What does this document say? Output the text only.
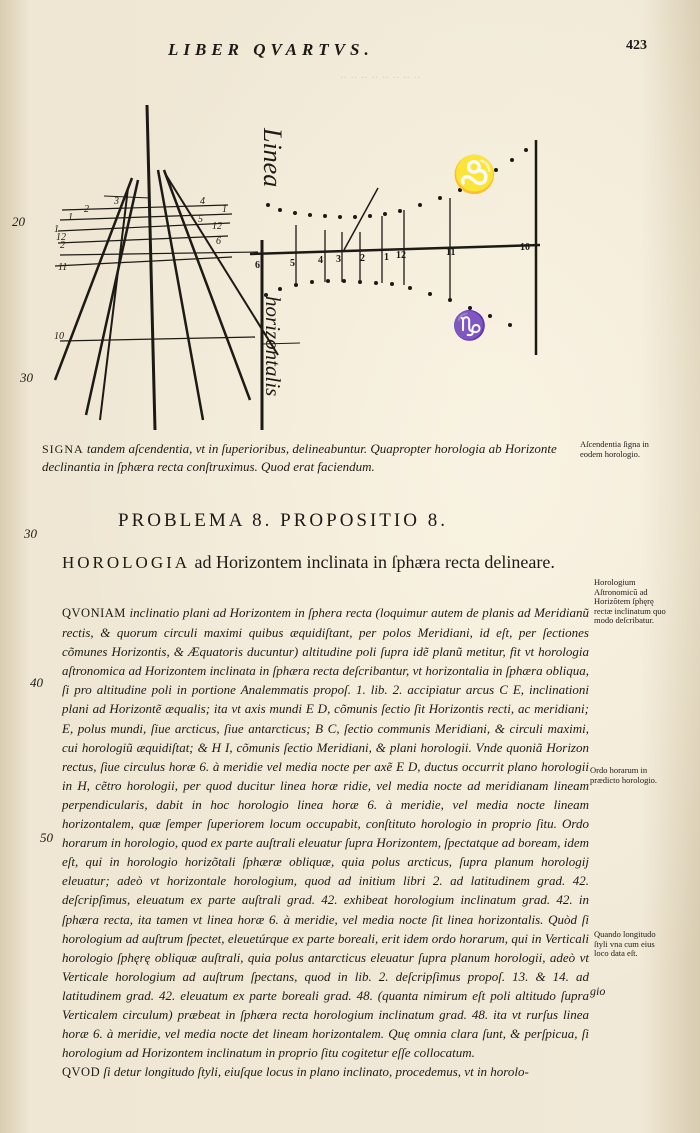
LIBER QVARTVS.	423
·· ·· ·· ·· ·· ·· ·· ··
Linea
horizontalis
♌
♑
6	5 4 3 2 1 12	11	10
3
2
4
1	5
1
12
6
1
2
12
11
10
20
30
30
40
50
SIGNA tandem aſcendentia, vt in ſuperioribus, delineabuntur. Quapropter horologia ab Horizonte declinantia in ſphæra recta conſtruximus. Quod erat faciendum.
Aſcendentia ſigna in eodem horologio.
PROBLEMA 8. PROPOSITIO 8.
HOROLOGIA ad Horizontem inclinata in ſphæra recta delineare.

QVONIAM inclinatio plani ad Horizontem in ſphera recta (loquimur autem de planis ad Meridianũ rectis, & quorum circuli maximi quibus æquidiſtant, per polos Meridiani, id eſt, per ſectiones cõmunes Horizontis, & Æquatoris ducuntur) altitudine poli ſupra idẽ planũ metitur, fit vt horologia aſtronomica ad Horizontem inclinata in ſphæra recta deſcribantur, vt horizontalia in ſphæra obliqua, ſi pro altitudine poli in portione Analemmatis propoſ. 1. lib. 2. accipiatur arcus C E, inclinationi plani ad Horizontẽ æqualis; ita vt axis mundi E D, cõmunis ſectio ſit Horizontis recti, ac meridiani; E, polus mundi, ſiue arcticus, ſiue antarcticus; B C, ſectio communis Meridiani, & circuli maximi, cui horologiũ æquidiſtat; & H I, cõmunis ſectio Meridiani, & plani horologii. Vnde quoniã Horizon rectus, ſiue circulus horæ 6. à meridie vel media nocte per axẽ E D, ductus occurrit plano horologii in H, cẽtro horologii, per quod ducitur linea horæ ridie, vel media nocte ad meridianam lineam perpendicularis, dabit in hoc horologio linea horæ 6. à meridie, vel media nocte lineam horizontalem, quæ ſemper ſuperiorem locum occupabit, conſtituto horologio in proprio ſitu. Ordo horarum in horologio, quod ex parte auſtrali eleuatur ſupra Horizontem, ſpectatque ad boream, idem eſt, qui in horologio horizõtali ſphæræ obliquæ, quia polus arcticus, ſupra planum horologij eleuatur; adeò vt horizontale horologium, quod ad initium libri 2. ad latitudinem grad. 42. deſcripſimus, eleuatum ex parte auſtrali grad. 42. exhibeat horologium inclinatum grad. 42. in ſphæra recta, ita tamen vt linea horæ 6. à meridie, vel media nocte ſit linea horizontalis. Quòd ſi horologium ad auſtrum ſpectet, eleuetúrque ex parte boreali, erit idem ordo horarum, qui in Verticali horologio ſphęrę obliquæ auſtrali, quia polus antarcticus eleuatur ſupra planum horologii, adeò vt Verticale horologium ad auſtrum ſpectans, quod in lib. 2. deſcripſimus propoſ. 13. & 14. ad latitudinem grad. 42. eleuatum ex parte boreali grad. 48. (quanta nimirum eſt poli altitudo ſupra Verticalem circulum) præbeat in ſphæra recta horologium inclinatum grad. 48. ita vt rurſus linea horæ 6. à meridie, vel media nocte det lineam horizontalem. Quę omnia clara ſunt, & perſpicua, ſi horologium ad Horizontem inclinatum in proprio ſitu cogitetur eſſe collocatum.

QVOD ſi detur longitudo ſtyli, eiuſque locus in plano inclinato, procedemus, vt in horolo-

gio
Horologium Aſtronomicũ ad Horizõtem ſphęrę rectæ inclinatum quo modo deſcribatur.
Ordo horarum in prædicto horologio.
Quando longitudo ſtyli vna cum eius loco data eſt.
